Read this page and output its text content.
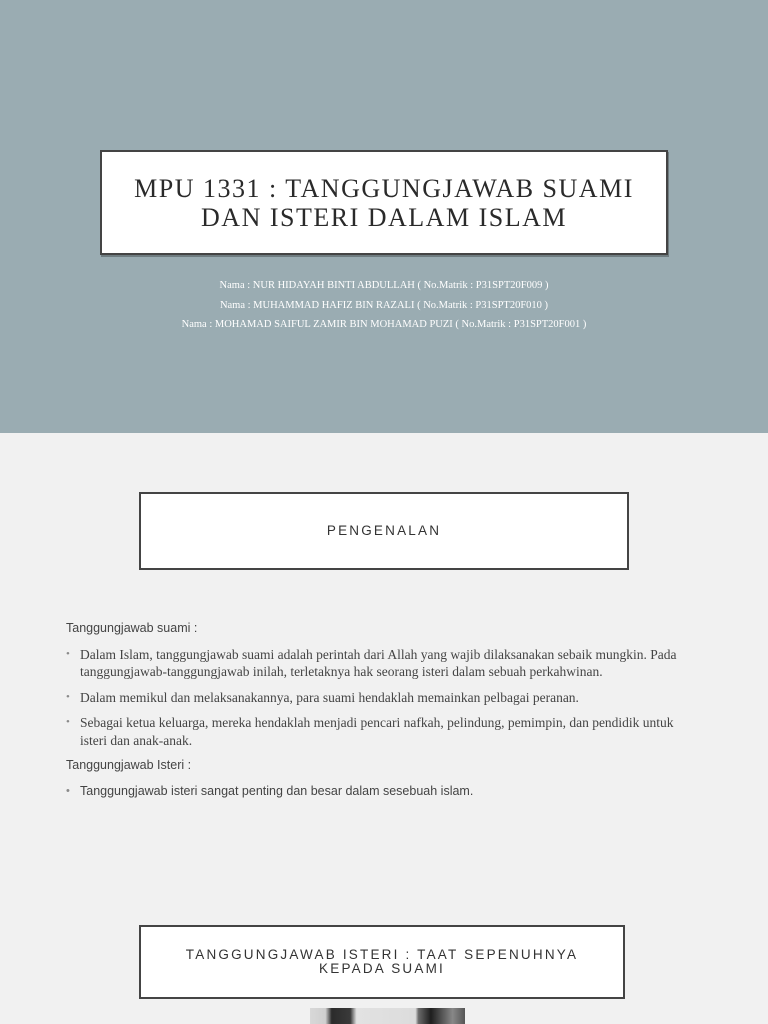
MPU 1331 : TANGGUNGJAWAB SUAMI DAN ISTERI DALAM ISLAM
Nama : NUR HIDAYAH BINTI ABDULLAH ( No.Matrik : P31SPT20F009 )
Nama : MUHAMMAD HAFIZ BIN RAZALI ( No.Matrik : P31SPT20F010 )
Nama : MOHAMAD SAIFUL ZAMIR BIN MOHAMAD PUZI ( No.Matrik : P31SPT20F001 )
PENGENALAN
Tanggungjawab suami :
• Dalam Islam, tanggungjawab suami adalah perintah dari Allah yang wajib dilaksanakan sebaik mungkin. Pada tanggungjawab-tanggungjawab inilah, terletaknya hak seorang isteri dalam sebuah perkahwinan.
• Dalam memikul dan melaksanakannya, para suami hendaklah memainkan pelbagai peranan.
• Sebagai ketua keluarga, mereka hendaklah menjadi pencari nafkah, pelindung, pemimpin, dan pendidik untuk isteri dan anak-anak.
Tanggungjawab Isteri :
• Tanggungjawab isteri sangat penting dan besar dalam sesebuah islam.
TANGGUNGJAWAB ISTERI : TAAT SEPENUHNYA KEPADA SUAMI
